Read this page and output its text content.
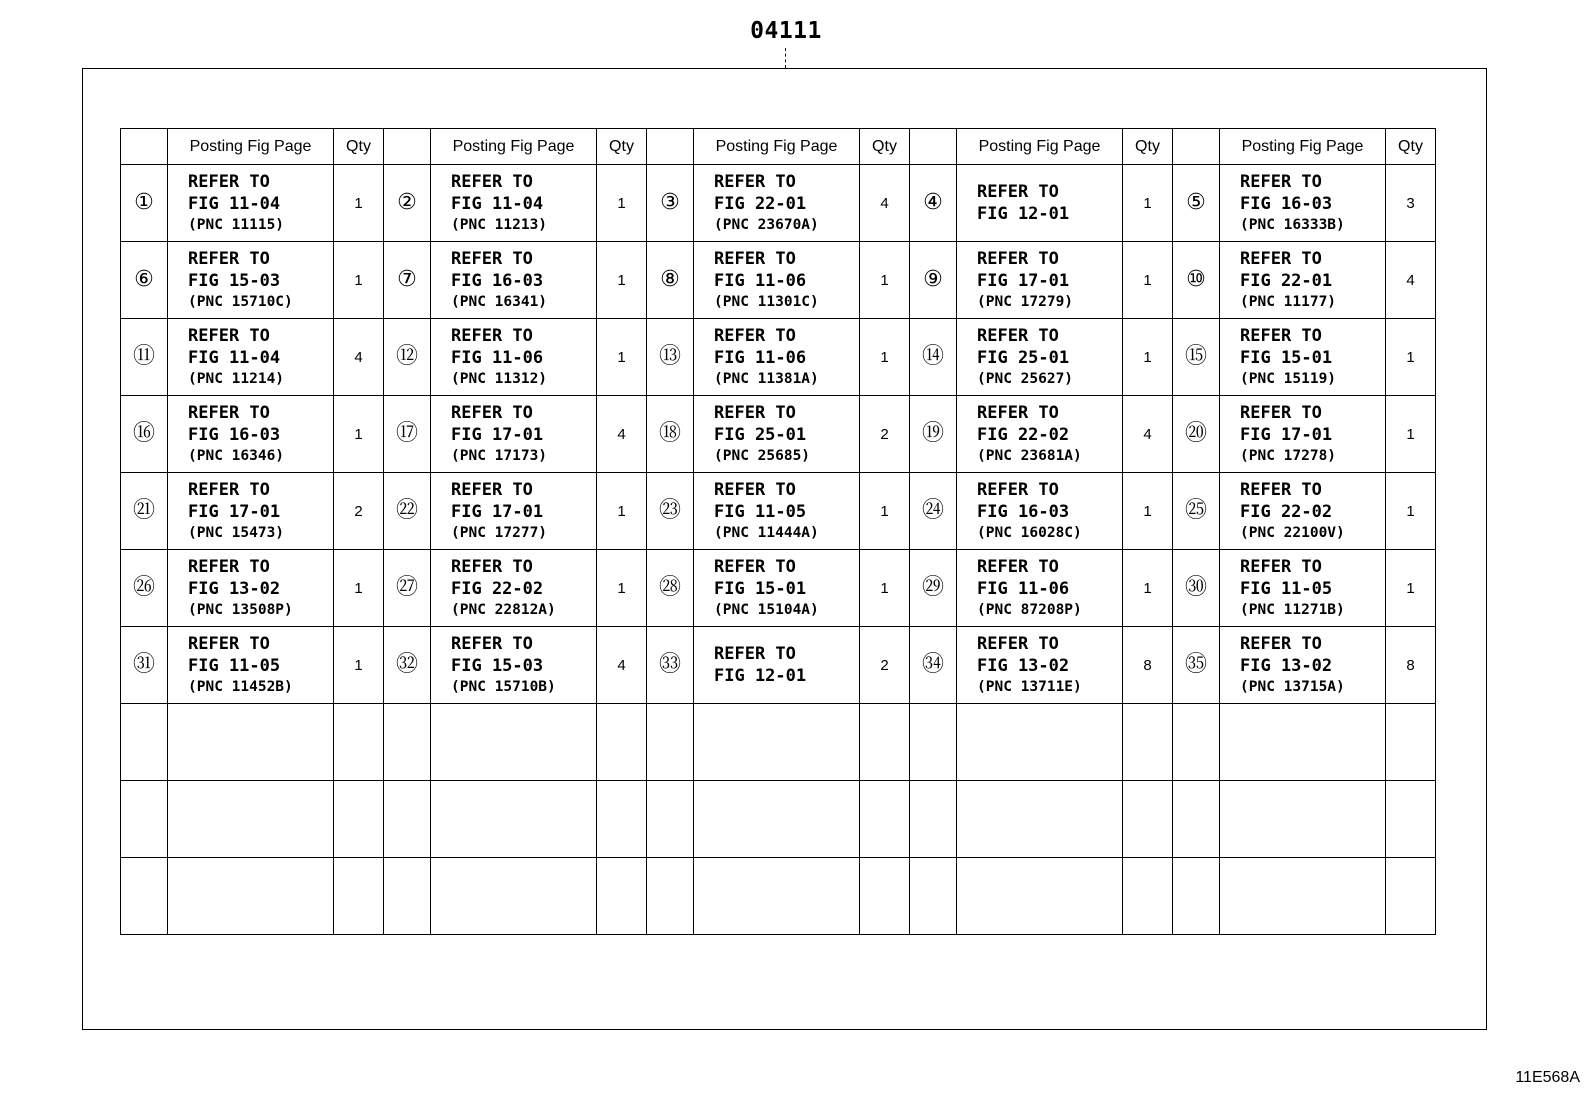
04111
	Posting Fig Page	Qty		Posting Fig Page	Qty		Posting Fig Page	Qty		Posting Fig Page	Qty		Posting Fig Page	Qty
①	REFER TO
FIG 11-04
(PNC 11115)	1	②	REFER TO
FIG 11-04
(PNC 11213)	1	③	REFER TO
FIG 22-01
(PNC 23670A)	4	④	REFER TO
FIG 12-01	1	⑤	REFER TO
FIG 16-03
(PNC 16333B)	3
⑥	REFER TO
FIG 15-03
(PNC 15710C)	1	⑦	REFER TO
FIG 16-03
(PNC 16341)	1	⑧	REFER TO
FIG 11-06
(PNC 11301C)	1	⑨	REFER TO
FIG 17-01
(PNC 17279)	1	⑩	REFER TO
FIG 22-01
(PNC 11177)	4
⑪	REFER TO
FIG 11-04
(PNC 11214)	4	⑫	REFER TO
FIG 11-06
(PNC 11312)	1	⑬	REFER TO
FIG 11-06
(PNC 11381A)	1	⑭	REFER TO
FIG 25-01
(PNC 25627)	1	⑮	REFER TO
FIG 15-01
(PNC 15119)	1
⑯	REFER TO
FIG 16-03
(PNC 16346)	1	⑰	REFER TO
FIG 17-01
(PNC 17173)	4	⑱	REFER TO
FIG 25-01
(PNC 25685)	2	⑲	REFER TO
FIG 22-02
(PNC 23681A)	4	⑳	REFER TO
FIG 17-01
(PNC 17278)	1
㉑	REFER TO
FIG 17-01
(PNC 15473)	2	㉒	REFER TO
FIG 17-01
(PNC 17277)	1	㉓	REFER TO
FIG 11-05
(PNC 11444A)	1	㉔	REFER TO
FIG 16-03
(PNC 16028C)	1	㉕	REFER TO
FIG 22-02
(PNC 22100V)	1
㉖	REFER TO
FIG 13-02
(PNC 13508P)	1	㉗	REFER TO
FIG 22-02
(PNC 22812A)	1	㉘	REFER TO
FIG 15-01
(PNC 15104A)	1	㉙	REFER TO
FIG 11-06
(PNC 87208P)	1	㉚	REFER TO
FIG 11-05
(PNC 11271B)	1
㉛	REFER TO
FIG 11-05
(PNC 11452B)	1	㉜	REFER TO
FIG 15-03
(PNC 15710B)	4	㉝	REFER TO
FIG 12-01	2	㉞	REFER TO
FIG 13-02
(PNC 13711E)	8	㉟	REFER TO
FIG 13-02
(PNC 13715A)	8

11E568A
